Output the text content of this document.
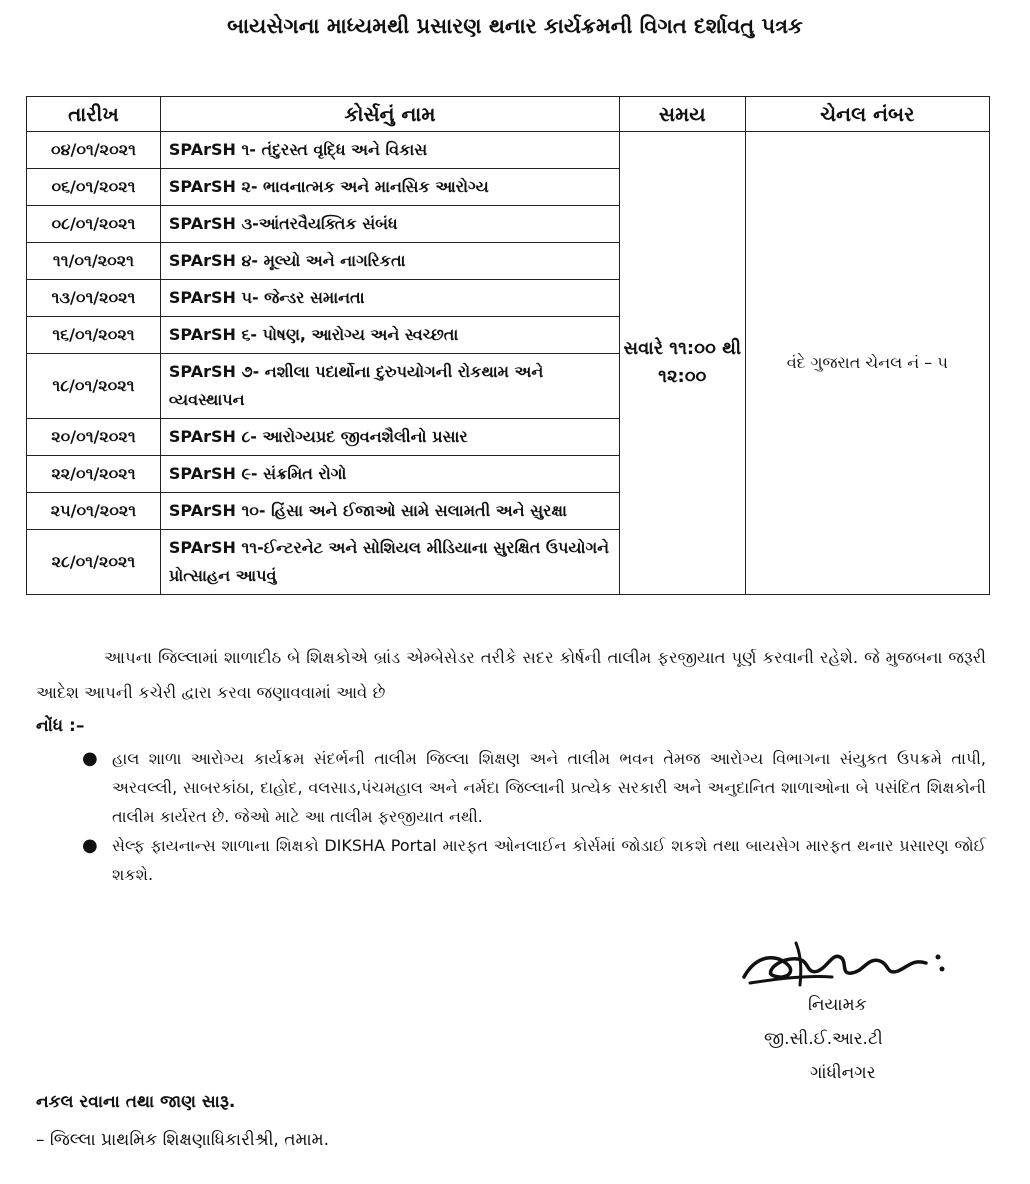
બાયસેગના માધ્યમથી પ્રસારણ થનાર કાર્યક્રમની વિગત દર્શાવતુ પત્રક
તારીખ	કોર્સનું નામ	સમય	ચેનલ નંબર
૦૪/૦૧/૨૦૨૧	SPArSH ૧- તંદુરસ્ત વૃદ્ધિ અને વિકાસ	સવારે ૧૧:૦૦ થી ૧૨:૦૦	વંદે ગુજરાત ચેનલ નં – ૫
૦૬/૦૧/૨૦૨૧	SPArSH ૨- ભાવનાત્મક અને માનસિક આરોગ્ય		
૦૮/૦૧/૨૦૨૧	SPArSH ૩-આંતરવૈયક્તિક સંબંધ		
૧૧/૦૧/૨૦૨૧	SPArSH ૪- મૂલ્યો અને નાગરિકતા		
૧૩/૦૧/૨૦૨૧	SPArSH ૫- જેન્ડર સમાનતા		
૧૬/૦૧/૨૦૨૧	SPArSH ૬- પોષણ, આરોગ્ય અને સ્વચ્છતા		
૧૮/૦૧/૨૦૨૧	SPArSH ૭- નશીલા પદાર્થોના દુરુપયોગની રોકથામ અને વ્યવસ્થાપન		
૨૦/૦૧/૨૦૨૧	SPArSH ૮- આરોગ્યપ્રદ જીવનશૈલીનો પ્રસાર		
૨૨/૦૧/૨૦૨૧	SPArSH ૯- સંક્રમિત રોગો		
૨૫/૦૧/૨૦૨૧	SPArSH ૧૦- હિંસા અને ઈજાઓ સામે સલામતી અને સુરક્ષા		
૨૮/૦૧/૨૦૨૧	SPArSH ૧૧-ઈન્ટરનેટ અને સોશિયલ મીડિયાના સુરક્ષિત ઉપયોગને પ્રોત્સાહન આપવું		
આપના જિલ્લામાં શાળાદીઠ બે શિક્ષકોએ બ્રાંડ એમ્બેસેડર તરીકે સદર કોર્ષની તાલીમ ફરજીયાત પૂર્ણ કરવાની રહેશે. જે મુજબના જરૂરી આદેશ આપની કચેરી દ્વારા કરવા જણાવવામાં આવે છે
નોંધ :–
● હાલ શાળા આરોગ્ય કાર્યક્રમ સંદર્ભની તાલીમ જિલ્લા શિક્ષણ અને તાલીમ ભવન તેમજ આરોગ્ય વિભાગના સંયુકત ઉપક્રમે તાપી, અરવલ્લી, સાબરકાંઠા, દાહોદ, વલસાડ,પંચમહાલ અને નર્મદા જિલ્લાની પ્રત્યેક સરકારી અને અનુદાનિત શાળાઓના બે પસંદિત શિક્ષકોની તાલીમ કાર્યરત છે. જેઓ માટે આ તાલીમ ફરજીયાત નથી.
● સેલ્ફ ફાયનાન્સ શાળાના શિક્ષકો DIKSHA Portal મારફત ઓનલાઈન કોર્સમાં જોડાઈ શકશે તથા બાયસેગ મારફત થનાર પ્રસારણ જોઈ શકશે.
નિયામક
જી.સી.ઈ.આર.ટી
ગાંધીનગર
નકલ રવાના તથા જાણ સારૂ.
– જિલ્લા પ્રાથમિક શિક્ષણાધિકારીશ્રી, તમામ.
